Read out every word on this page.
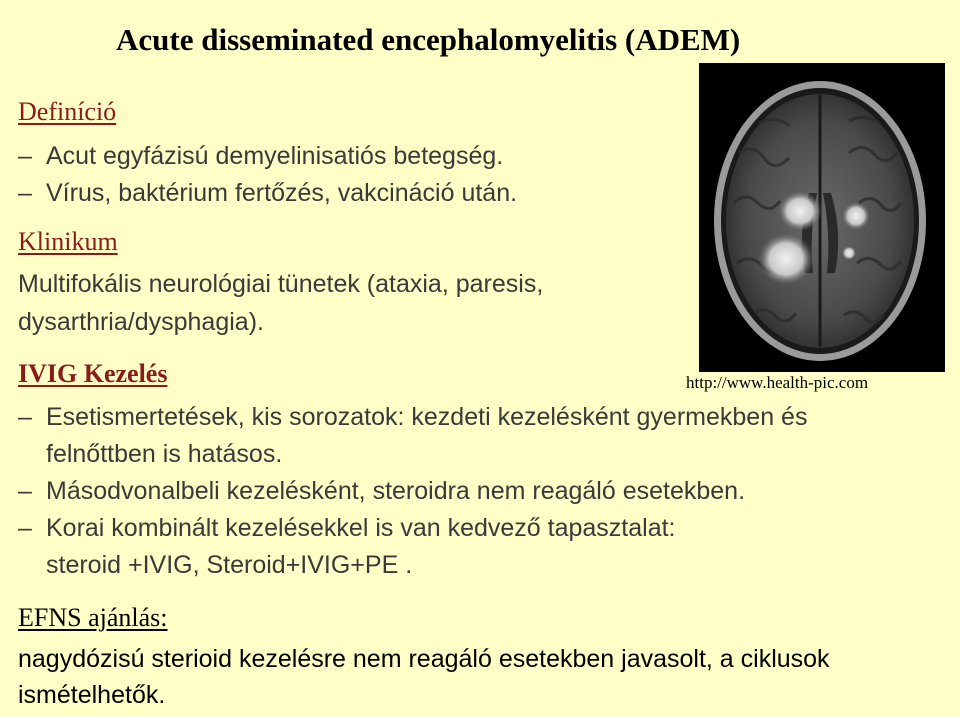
Acute disseminated encephalomyelitis (ADEM)
http://www.health-pic.com
Definíció
– Acut egyfázisú demyelinisatiós betegség.
– Vírus, baktérium fertőzés, vakcináció után.
Klinikum
Multifokális neurológiai tünetek (ataxia, paresis,
dysarthria/dysphagia).
IVIG Kezelés
– Esetismertetések, kis sorozatok: kezdeti kezelésként gyermekben és
felnőttben is hatásos.
– Másodvonalbeli kezelésként, steroidra nem reagáló esetekben.
– Korai kombinált kezelésekkel is van kedvező tapasztalat:
steroid +IVIG, Steroid+IVIG+PE .
EFNS ajánlás:
nagydózisú sterioid kezelésre nem reagáló esetekben javasolt, a ciklusok
ismételhetők.
